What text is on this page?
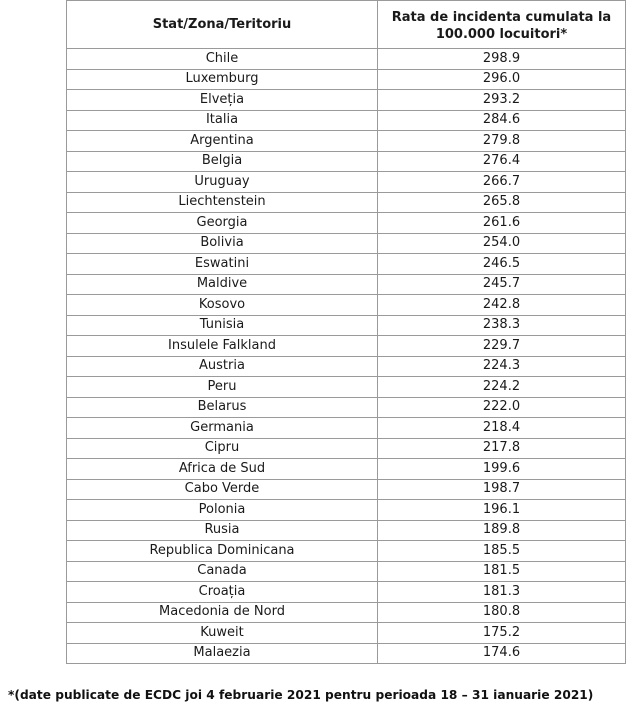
Stat/Zona/Teritoriu	Rata de incidenta cumulata la 100.000 locuitori*
Chile	298.9
Luxemburg	296.0
Elveția	293.2
Italia	284.6
Argentina	279.8
Belgia	276.4
Uruguay	266.7
Liechtenstein	265.8
Georgia	261.6
Bolivia	254.0
Eswatini	246.5
Maldive	245.7
Kosovo	242.8
Tunisia	238.3
Insulele Falkland	229.7
Austria	224.3
Peru	224.2
Belarus	222.0
Germania	218.4
Cipru	217.8
Africa de Sud	199.6
Cabo Verde	198.7
Polonia	196.1
Rusia	189.8
Republica Dominicana	185.5
Canada	181.5
Croația	181.3
Macedonia de Nord	180.8
Kuweit	175.2
Malaezia	174.6
*(date publicate de ECDC joi 4 februarie 2021 pentru perioada 18 – 31 ianuarie 2021)
